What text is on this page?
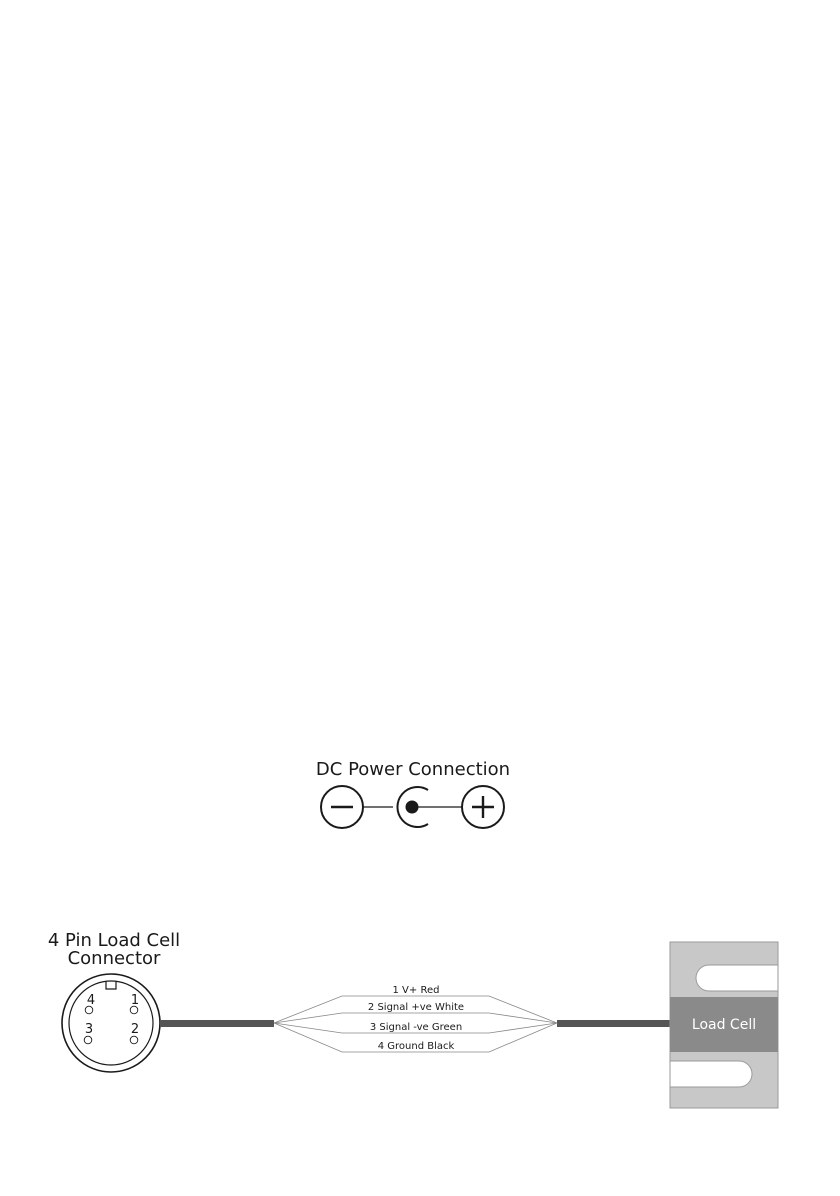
DC Power Connection
4 Pin Load Cell
Connector
4	1
3	2
1 V+ Red
2 Signal +ve White
3 Signal -ve Green
4 Ground Black
Load Cell
